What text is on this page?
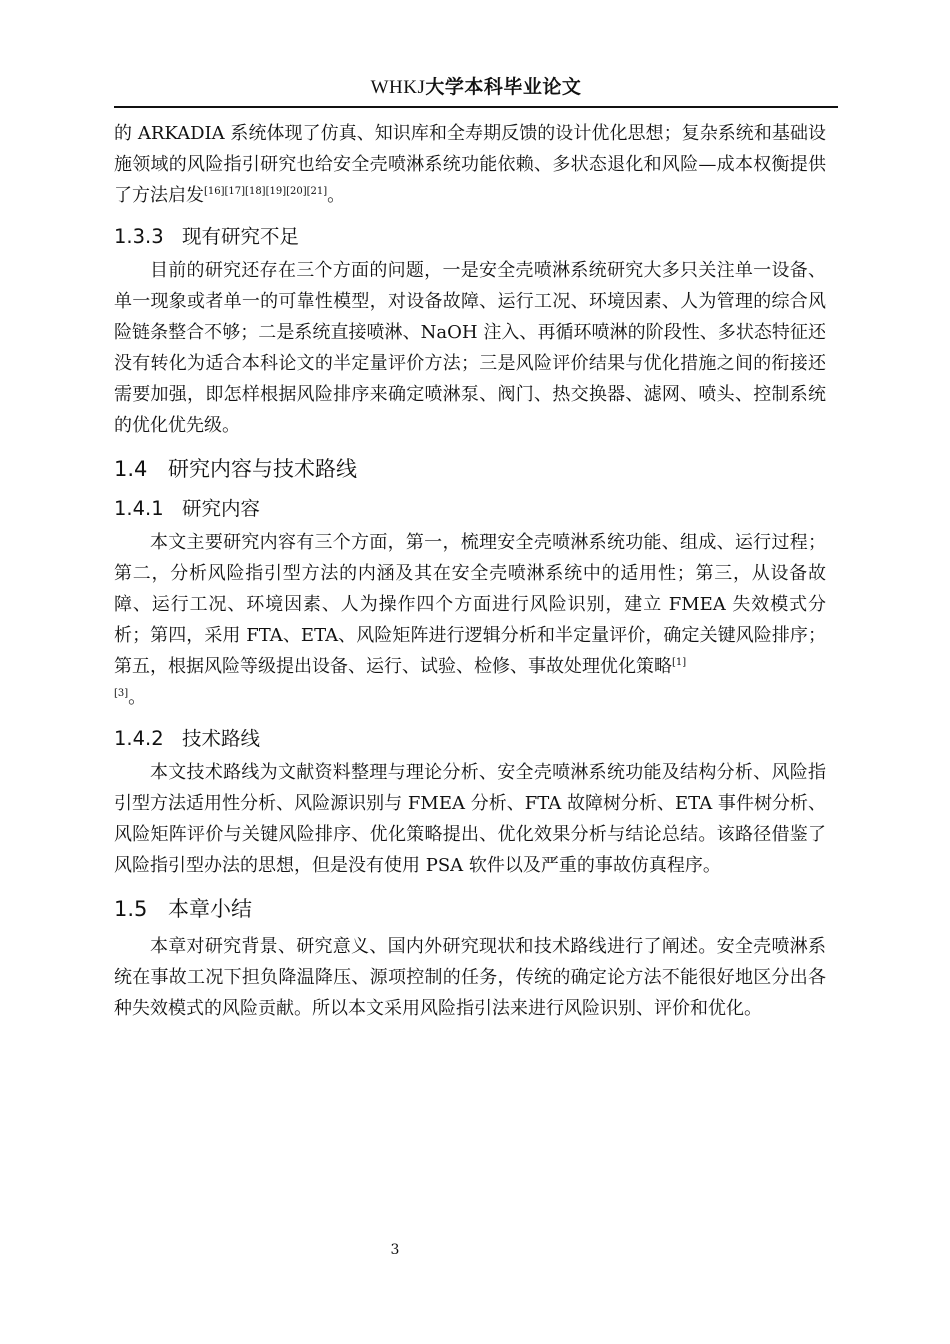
WHKJ大学本科毕业论文

的 ARKADIA 系统体现了仿真、知识库和全寿期反馈的设计优化思想；复杂系统和基础设施领域的风险指引研究也给安全壳喷淋系统功能依赖、多状态退化和风险—成本权衡提供了方法启发[16][17][18][19][20][21]。

1.3.3 现有研究不足

目前的研究还存在三个方面的问题，一是安全壳喷淋系统研究大多只关注单一设备、单一现象或者单一的可靠性模型，对设备故障、运行工况、环境因素、人为管理的综合风险链条整合不够；二是系统直接喷淋、NaOH 注入、再循环喷淋的阶段性、多状态特征还没有转化为适合本科论文的半定量评价方法；三是风险评价结果与优化措施之间的衔接还需要加强，即怎样根据风险排序来确定喷淋泵、阀门、热交换器、滤网、喷头、控制系统的优化优先级。

1.4 研究内容与技术路线
1.4.1 研究内容

本文主要研究内容有三个方面，第一，梳理安全壳喷淋系统功能、组成、运行过程；第二，分析风险指引型方法的内涵及其在安全壳喷淋系统中的适用性；第三，从设备故障、运行工况、环境因素、人为操作四个方面进行风险识别，建立 FMEA 失效模式分析；第四，采用 FTA、ETA、风险矩阵进行逻辑分析和半定量评价，确定关键风险排序；第五，根据风险等级提出设备、运行、试验、检修、事故处理优化策略[1]
[3]。

1.4.2 技术路线

本文技术路线为文献资料整理与理论分析、安全壳喷淋系统功能及结构分析、风险指引型方法适用性分析、风险源识别与 FMEA 分析、FTA 故障树分析、ETA 事件树分析、风险矩阵评价与关键风险排序、优化策略提出、优化效果分析与结论总结。该路径借鉴了风险指引型办法的思想，但是没有使用 PSA 软件以及严重的事故仿真程序。

1.5 本章小结

本章对研究背景、研究意义、国内外研究现状和技术路线进行了阐述。安全壳喷淋系统在事故工况下担负降温降压、源项控制的任务，传统的确定论方法不能很好地区分出各种失效模式的风险贡献。所以本文采用风险指引法来进行风险识别、评价和优化。

3
